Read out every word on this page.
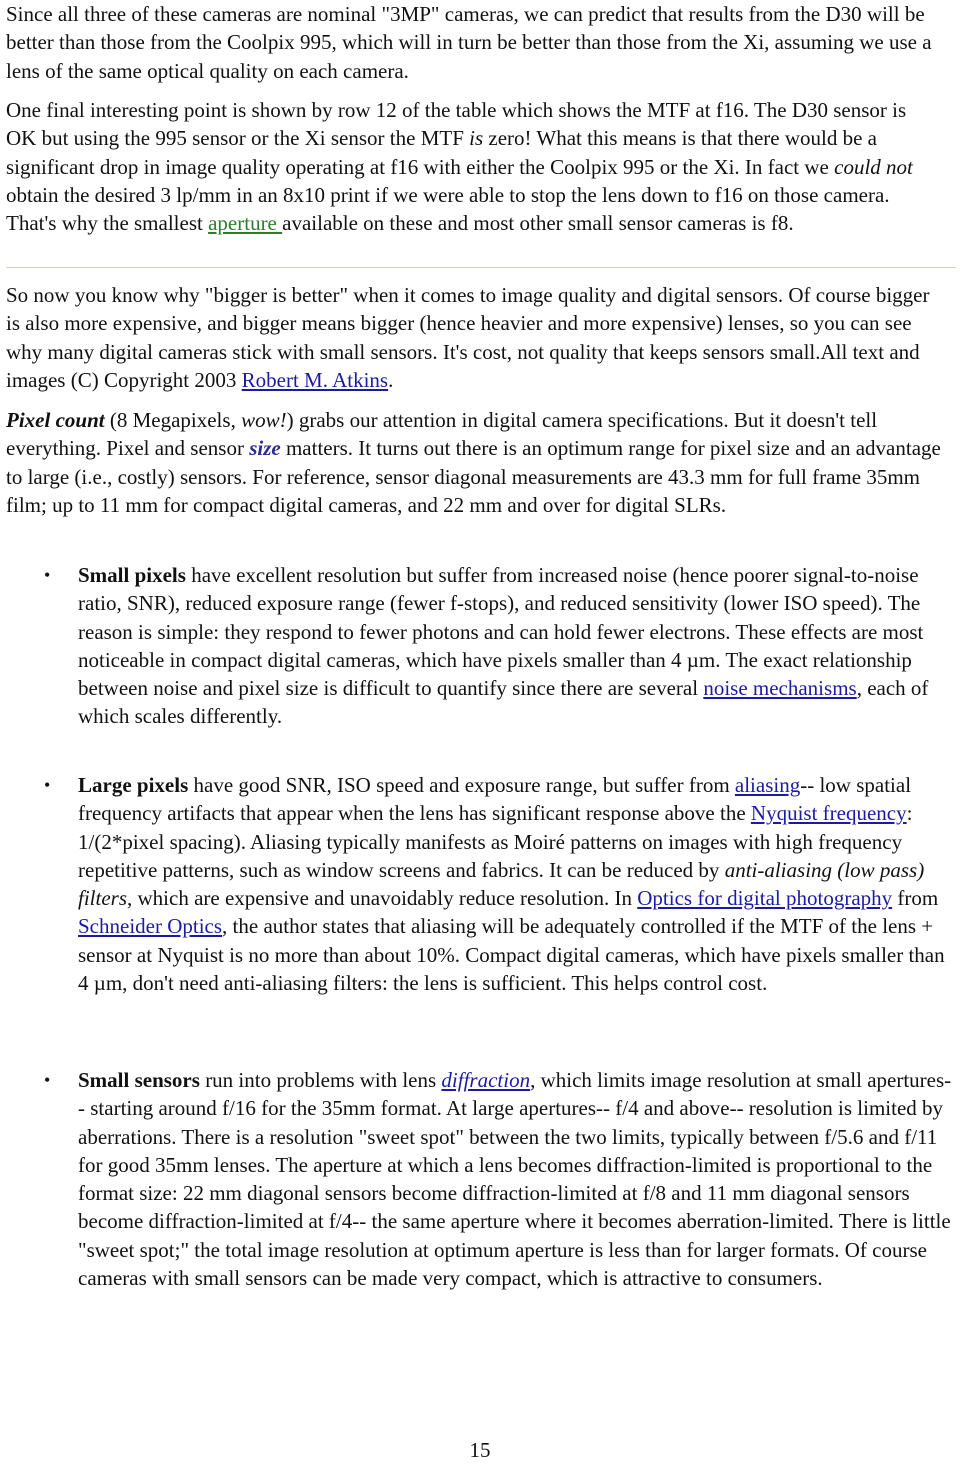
Since all three of these cameras are nominal "3MP" cameras, we can predict that results from the D30 will be better than those from the Coolpix 995, which will in turn be better than those from the Xi, assuming we use a lens of the same optical quality on each camera.

One final interesting point is shown by row 12 of the table which shows the MTF at f16. The D30 sensor is OK but using the 995 sensor or the Xi sensor the MTF is zero! What this means is that there would be a significant drop in image quality operating at f16 with either the Coolpix 995 or the Xi. In fact we could not obtain the desired 3 lp/mm in an 8x10 print if we were able to stop the lens down to f16 on those camera. That's why the smallest aperture available on these and most other small sensor cameras is f8.

So now you know why "bigger is better" when it comes to image quality and digital sensors. Of course bigger is also more expensive, and bigger means bigger (hence heavier and more expensive) lenses, so you can see why many digital cameras stick with small sensors. It's cost, not quality that keeps sensors small.All text and images (C) Copyright 2003 Robert M. Atkins.

Pixel count (8 Megapixels, wow!) grabs our attention in digital camera specifications. But it doesn't tell everything. Pixel and sensor size matters. It turns out there is an optimum range for pixel size and an advantage to large (i.e., costly) sensors. For reference, sensor diagonal measurements are 43.3 mm for full frame 35mm film; up to 11 mm for compact digital cameras, and 22 mm and over for digital SLRs.

• Small pixels have excellent resolution but suffer from increased noise (hence poorer signal-to-noise ratio, SNR), reduced exposure range (fewer f-stops), and reduced sensitivity (lower ISO speed). The reason is simple: they respond to fewer photons and can hold fewer electrons. These effects are most noticeable in compact digital cameras, which have pixels smaller than 4 µm. The exact relationship between noise and pixel size is difficult to quantify since there are several noise mechanisms, each of which scales differently.
• Large pixels have good SNR, ISO speed and exposure range, but suffer from aliasing-- low spatial frequency artifacts that appear when the lens has significant response above the Nyquist frequency: 1/(2*pixel spacing). Aliasing typically manifests as Moiré patterns on images with high frequency repetitive patterns, such as window screens and fabrics. It can be reduced by anti-aliasing (low pass) filters, which are expensive and unavoidably reduce resolution. In Optics for digital photography from Schneider Optics, the author states that aliasing will be adequately controlled if the MTF of the lens + sensor at Nyquist is no more than about 10%. Compact digital cameras, which have pixels smaller than 4 µm, don't need anti-aliasing filters: the lens is sufficient. This helps control cost.
• Small sensors run into problems with lens diffraction, which limits image resolution at small apertures-- starting around f/16 for the 35mm format. At large apertures-- f/4 and above-- resolution is limited by aberrations. There is a resolution "sweet spot" between the two limits, typically between f/5.6 and f/11 for good 35mm lenses. The aperture at which a lens becomes diffraction-limited is proportional to the format size: 22 mm diagonal sensors become diffraction-limited at f/8 and 11 mm diagonal sensors become diffraction-limited at f/4-- the same aperture where it becomes aberration-limited. There is little "sweet spot;" the total image resolution at optimum aperture is less than for larger formats. Of course cameras with small sensors can be made very compact, which is attractive to consumers.
15
